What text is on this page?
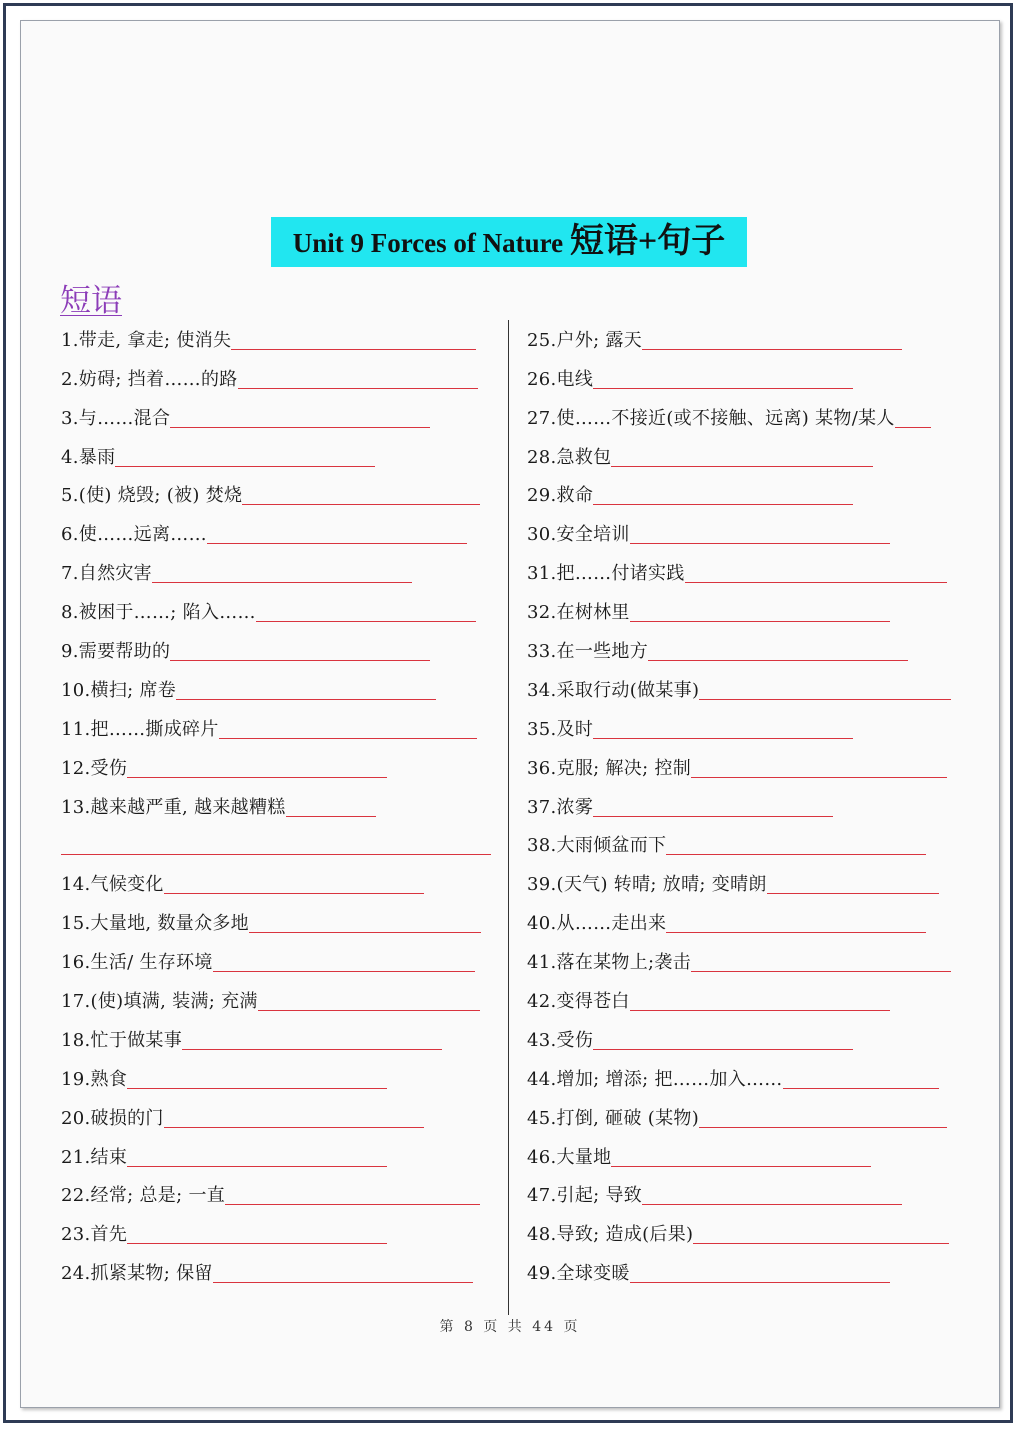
Unit 9 Forces of Nature 短语+句子
短语
1.带走, 拿走; 使消失
2.妨碍; 挡着……的路
3.与……混合
4.暴雨
5.(使) 烧毁; (被) 焚烧
6.使……远离……
7.自然灾害
8.被困于……; 陷入……
9.需要帮助的
10.横扫; 席卷
11.把……撕成碎片
12.受伤
13.越来越严重, 越来越糟糕
14.气候变化
15.大量地, 数量众多地
16.生活/ 生存环境
17.(使)填满, 装满; 充满
18.忙于做某事
19.熟食
20.破损的门
21.结束
22.经常; 总是; 一直
23.首先
24.抓紧某物; 保留
25.户外; 露天
26.电线
27.使……不接近(或不接触、远离) 某物/某人
28.急救包
29.救命
30.安全培训
31.把……付诸实践
32.在树林里
33.在一些地方
34.采取行动(做某事)
35.及时
36.克服; 解决; 控制
37.浓雾
38.大雨倾盆而下
39.(天气) 转晴; 放晴; 变晴朗
40.从……走出来
41.落在某物上;袭击
42.变得苍白
43.受伤
44.增加; 增添; 把……加入……
45.打倒, 砸破 (某物)
46.大量地
47.引起; 导致
48.导致; 造成(后果)
49.全球变暖
第 8 页 共 44 页
